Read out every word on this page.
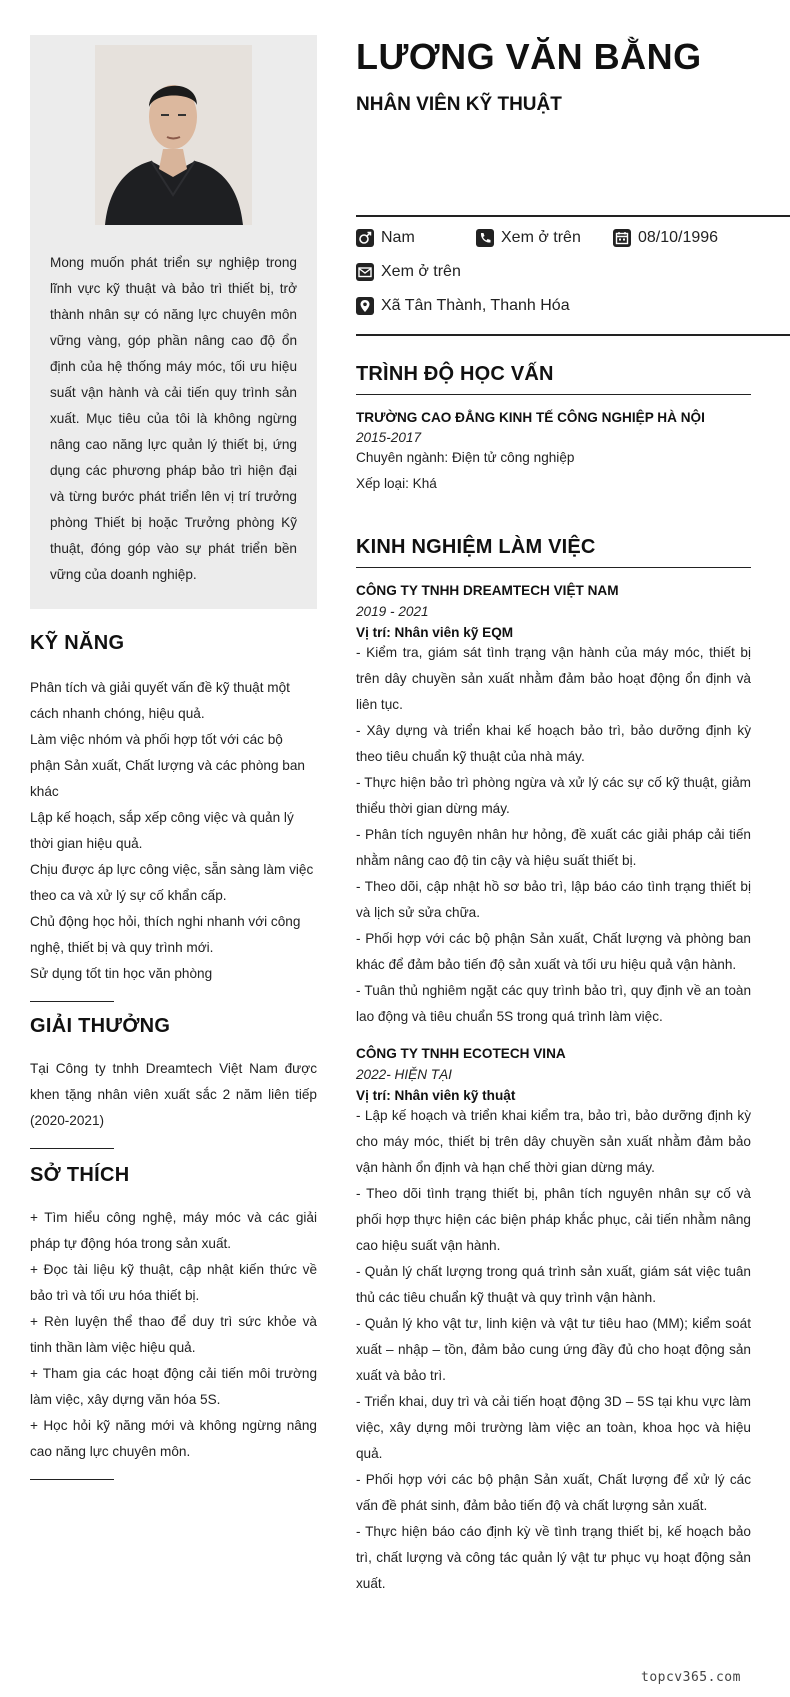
Mong muốn phát triển sự nghiệp trong lĩnh vực kỹ thuật và bảo trì thiết bị, trở thành nhân sự có năng lực chuyên môn vững vàng, góp phần nâng cao độ ổn định của hệ thống máy móc, tối ưu hiệu suất vận hành và cải tiến quy trình sản xuất. Mục tiêu của tôi là không ngừng nâng cao năng lực quản lý thiết bị, ứng dụng các phương pháp bảo trì hiện đại và từng bước phát triển lên vị trí trưởng phòng Thiết bị hoặc Trưởng phòng Kỹ thuật, đóng góp vào sự phát triển bền vững của doanh nghiệp.
KỸ NĂNG
Phân tích và giải quyết vấn đề kỹ thuật một
cách nhanh chóng, hiệu quả.
Làm việc nhóm và phối hợp tốt với các bộ
phận Sản xuất, Chất lượng và các phòng ban
khác
Lập kế hoạch, sắp xếp công việc và quản lý
thời gian hiệu quả.
Chịu được áp lực công việc, sẵn sàng làm việc
theo ca và xử lý sự cố khẩn cấp.
Chủ động học hỏi, thích nghi nhanh với công
nghệ, thiết bị và quy trình mới.
Sử dụng tốt tin học văn phòng
GIẢI THƯỞNG
Tại Công ty tnhh Dreamtech Việt Nam được khen tặng nhân viên xuất sắc 2 năm liên tiếp (2020-2021)
SỞ THÍCH
+ Tìm hiểu công nghệ, máy móc và các giải pháp tự động hóa trong sản xuất.
+ Đọc tài liệu kỹ thuật, cập nhật kiến thức về bảo trì và tối ưu hóa thiết bị.
+ Rèn luyện thể thao để duy trì sức khỏe và tinh thần làm việc hiệu quả.
+ Tham gia các hoạt động cải tiến môi trường làm việc, xây dựng văn hóa 5S.
+ Học hỏi kỹ năng mới và không ngừng nâng cao năng lực chuyên môn.
LƯƠNG VĂN BẰNG
NHÂN VIÊN KỸ THUẬT
Nam	Xem ở trên	08/10/1996
Xem ở trên
Xã Tân Thành, Thanh Hóa
TRÌNH ĐỘ HỌC VẤN
TRƯỜNG CAO ĐẲNG KINH TẾ CÔNG NGHIỆP HÀ NỘI
2015-2017
Chuyên ngành: Điện tử công nghiệp
Xếp loại: Khá
KINH NGHIỆM LÀM VIỆC
CÔNG TY TNHH DREAMTECH VIỆT NAM
2019 - 2021
Vị trí: Nhân viên kỹ EQM
- Kiểm tra, giám sát tình trạng vận hành của máy móc, thiết bị trên dây chuyền sản xuất nhằm đảm bảo hoạt động ổn định và liên tục.
- Xây dựng và triển khai kế hoạch bảo trì, bảo dưỡng định kỳ theo tiêu chuẩn kỹ thuật của nhà máy.
- Thực hiện bảo trì phòng ngừa và xử lý các sự cố kỹ thuật, giảm thiểu thời gian dừng máy.
- Phân tích nguyên nhân hư hỏng, đề xuất các giải pháp cải tiến nhằm nâng cao độ tin cậy và hiệu suất thiết bị.
- Theo dõi, cập nhật hồ sơ bảo trì, lập báo cáo tình trạng thiết bị và lịch sử sửa chữa.
- Phối hợp với các bộ phận Sản xuất, Chất lượng và phòng ban khác để đảm bảo tiến độ sản xuất và tối ưu hiệu quả vận hành.
- Tuân thủ nghiêm ngặt các quy trình bảo trì, quy định về an toàn lao động và tiêu chuẩn 5S trong quá trình làm việc.
CÔNG TY TNHH ECOTECH VINA
2022- HIỆN TẠI
Vị trí: Nhân viên kỹ thuật
- Lập kế hoạch và triển khai kiểm tra, bảo trì, bảo dưỡng định kỳ cho máy móc, thiết bị trên dây chuyền sản xuất nhằm đảm bảo vận hành ổn định và hạn chế thời gian dừng máy.
- Theo dõi tình trạng thiết bị, phân tích nguyên nhân sự cố và phối hợp thực hiện các biện pháp khắc phục, cải tiến nhằm nâng cao hiệu suất vận hành.
- Quản lý chất lượng trong quá trình sản xuất, giám sát việc tuân thủ các tiêu chuẩn kỹ thuật và quy trình vận hành.
- Quản lý kho vật tư, linh kiện và vật tư tiêu hao (MM); kiểm soát xuất – nhập – tồn, đảm bảo cung ứng đầy đủ cho hoạt động sản xuất và bảo trì.
- Triển khai, duy trì và cải tiến hoạt động 3D – 5S tại khu vực làm việc, xây dựng môi trường làm việc an toàn, khoa học và hiệu quả.
- Phối hợp với các bộ phận Sản xuất, Chất lượng để xử lý các vấn đề phát sinh, đảm bảo tiến độ và chất lượng sản xuất.
- Thực hiện báo cáo định kỳ về tình trạng thiết bị, kế hoạch bảo trì, chất lượng và công tác quản lý vật tư phục vụ hoạt động sản xuất.
topcv365.com
